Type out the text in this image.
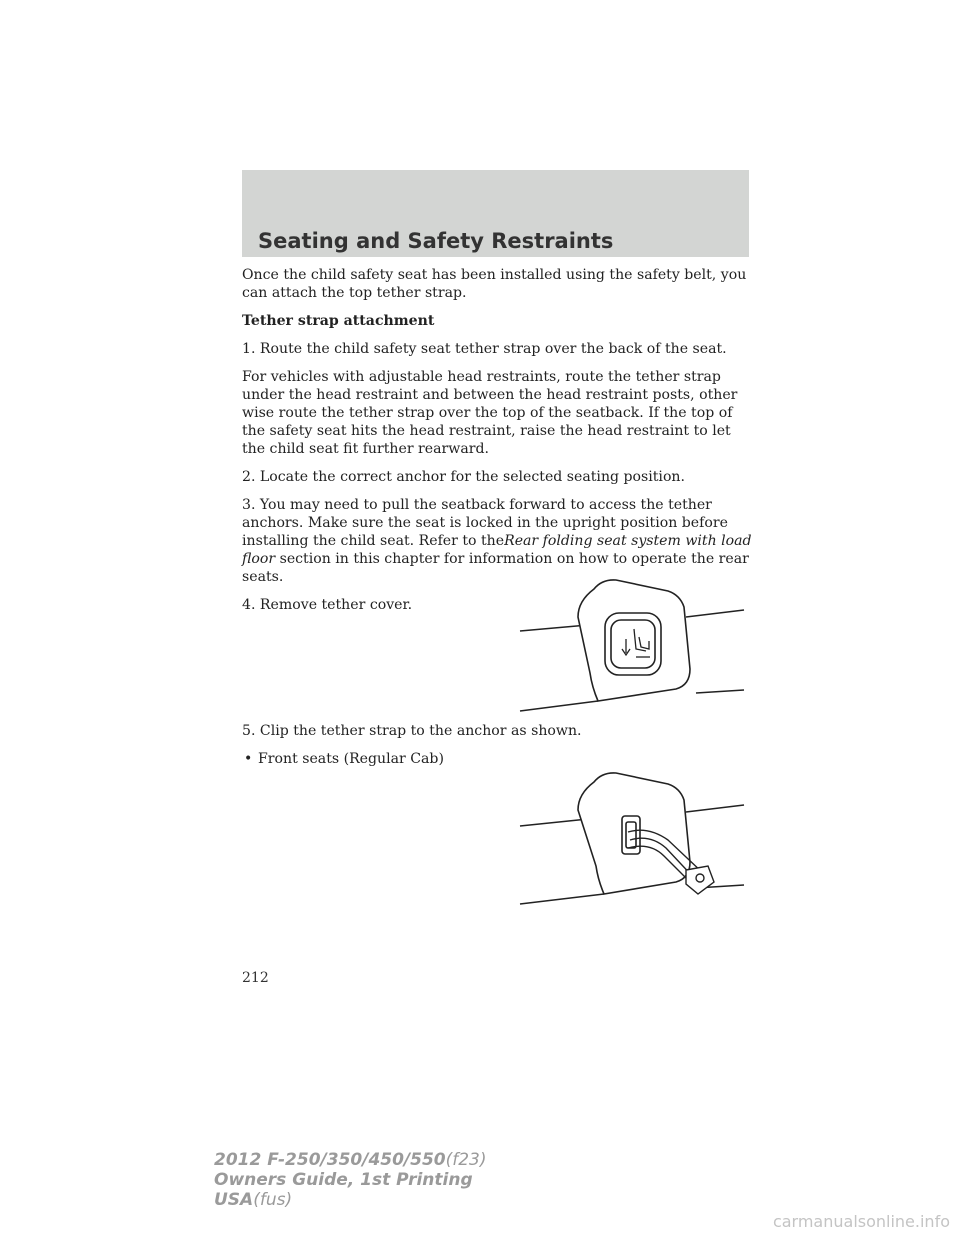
Seating and Safety Restraints

Once the child safety seat has been installed using the safety belt, you can attach the top tether strap.

Tether strap attachment

1. Route the child safety seat tether strap over the back of the seat.

For vehicles with adjustable head restraints, route the tether strap under the head restraint and between the head restraint posts, other wise route the tether strap over the top of the seatback. If the top of the safety seat hits the head restraint, raise the head restraint to let the child seat fit further rearward.

2. Locate the correct anchor for the selected seating position.

3. You may need to pull the seatback forward to access the tether anchors. Make sure the seat is locked in the upright position before installing the child seat. Refer to theRear folding seat system with load floor section in this chapter for information on how to operate the rear seats.

4. Remove tether cover.

5. Clip the tether strap to the anchor as shown.

• Front seats (Regular Cab)

212
2012 F-250/350/450/550(f23)
Owners Guide, 1st Printing
USA(fus)
carmanualsonline.info
